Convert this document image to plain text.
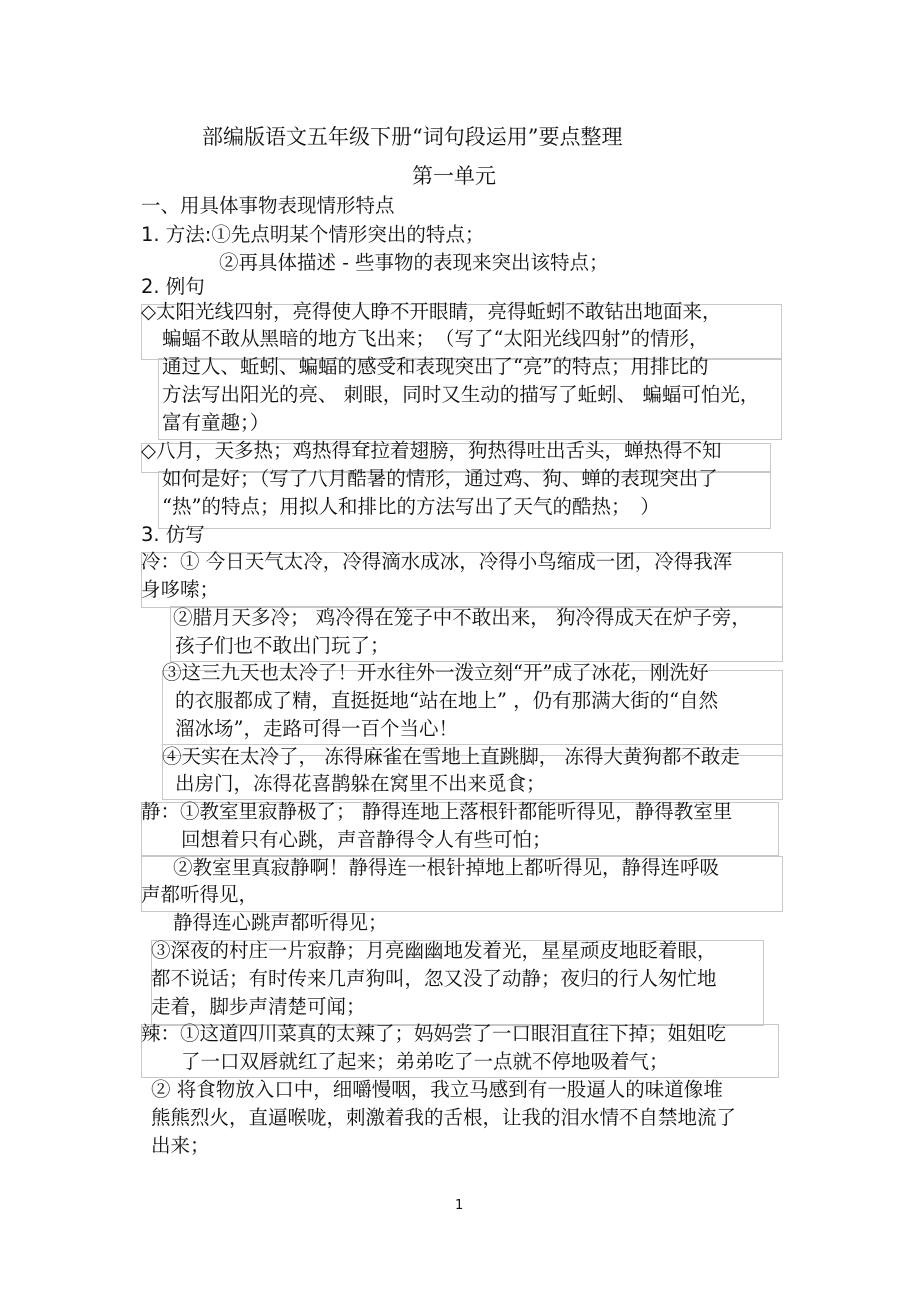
部编版语文五年级下册“词句段运用”要点整理
第一单元
一、用具体事物表现情形特点
1. 方法:①先点明某个情形突出的特点；
②再具体描述 - 些事物的表现来突出该特点；
2. 例句
◇太阳光线四射，亮得使人睁不开眼睛，亮得蚯蚓不敢钻出地面来，
蝙蝠不敢从黑暗的地方飞出来；　（写了“太阳光线四射”的情形，
通过人、蚯蚓、蝙蝠的感受和表现突出了“亮”的特点；用排比的
方法写出阳光的亮、 刺眼，同时又生动的描写了蚯蚓、 蝙蝠可怕光，
富有童趣；）
◇八月，天多热；鸡热得耷拉着翅膀，狗热得吐出舌头，蝉热得不知
如何是好；（写了八月酷暑的情形，通过鸡、狗、蝉的表现突出了
“热”的特点；用拟人和排比的方法写出了天气的酷热；　）
3. 仿写
冷：① 今日天气太冷，冷得滴水成冰，冷得小鸟缩成一团，冷得我浑
身哆嗦；
②腊月天多冷； 鸡冷得在笼子中不敢出来， 狗冷得成天在炉子旁，
孩子们也不敢出门玩了；
③这三九天也太冷了！开水往外一泼立刻“开”成了冰花，刚洗好
的衣服都成了精，直挺挺地“站在地上” ，仍有那满大街的“自然
溜冰场”，走路可得一百个当心！
④天实在太冷了， 冻得麻雀在雪地上直跳脚， 冻得大黄狗都不敢走
出房门，冻得花喜鹊躲在窝里不出来觅食；
静：①教室里寂静极了； 静得连地上落根针都能听得见，静得教室里
回想着只有心跳，声音静得令人有些可怕；
②教室里真寂静啊！静得连一根针掉地上都听得见，静得连呼吸
声都听得见，
静得连心跳声都听得见；
③深夜的村庄一片寂静；月亮幽幽地发着光，星星顽皮地眨着眼，
都不说话；有时传来几声狗叫，忽又没了动静；夜归的行人匆忙地
走着，脚步声清楚可闻；
辣：①这道四川菜真的太辣了；妈妈尝了一口眼泪直往下掉；姐姐吃
了一口双唇就红了起来；弟弟吃了一点就不停地吸着气；
② 将食物放入口中，细嚼慢咽，我立马感到有一股逼人的味道像堆
熊熊烈火，直逼喉咙，刺激着我的舌根，让我的泪水情不自禁地流了
出来；
1
